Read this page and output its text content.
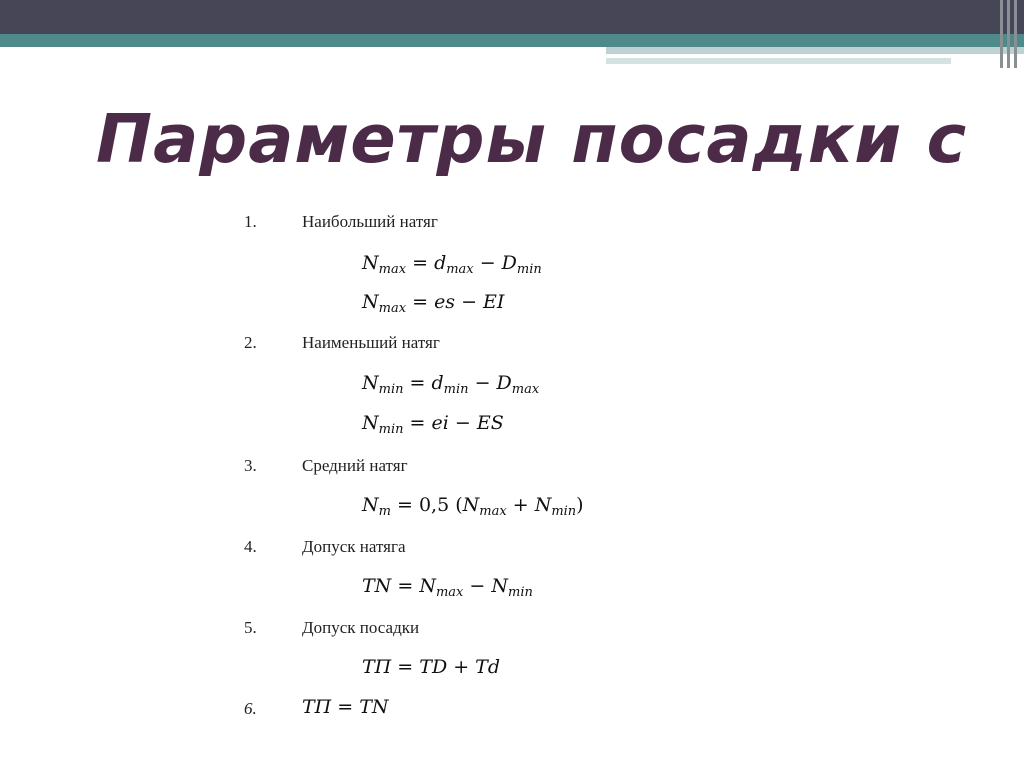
Параметры посадки с
1.	Наибольший натяг
$N_{max} = d_{max} - D_{min}$
$N_{max}$ = es − EI
2.	Наименьший натяг
$N_{min} = d_{min} - D_{max}$
$N_{min}$ = ei − ES
3.	Средний натяг
$N_m = 0,5$ $(N_{max} + N_{min})$
4.	Допуск натяга
TN = $N_{max} - N_{min}$
5.	Допуск посадки
TП = TD + Td
6. TП = TN
